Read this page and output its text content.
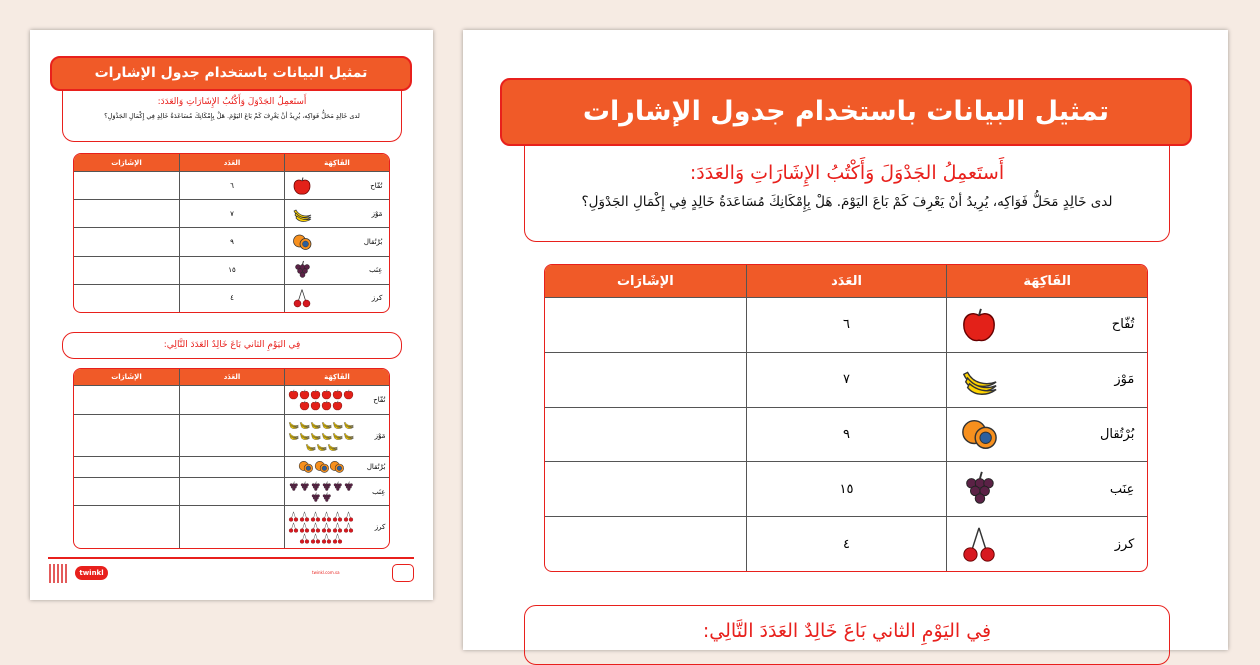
تمثيل البيانات باستخدام جدول الإشارات
أَستَعمِلُ الجَدْوَلَ وَأَكْتُبُ الإِشَارَاتِ وَالعَدَدَ:
لدى خَالِدٍ مَحَلُّ فَوَاكِه، يُرِيدُ أنْ يَعْرِفَ كَمْ بَاعَ اليَوْمَ. هَلْ بِإِمْكَانِكَ مُسَاعَدَةُ خَالِدٍ فِي إِكْمَالِ الجَدْوَلِ؟
الفَاكِهَة	العَدَد	الإشَارَات

تُفّاح	٦	

مَوْز	٧	

بُرْتُقال	٩	

عِنَب	١٥	

كرز	٤	
فِي اليَوْمِ الثاني بَاعَ خَالِدٌ العَدَدَ التَّالِي:
الفَاكِهَة	العَدَد	الإشَارَات

تُفّاح		

مَوْز		

بُرْتُقال		

عِنَب		

كرز		

twinkl	twinkl.com.sa
تمثيل البيانات باستخدام جدول الإشارات
أَستَعمِلُ الجَدْوَلَ وَأَكْتُبُ الإِشَارَاتِ وَالعَدَدَ:
لدى خَالِدٍ مَحَلُّ فَوَاكِه، يُرِيدُ أنْ يَعْرِفَ كَمْ بَاعَ اليَوْمَ. هَلْ بِإِمْكَانِكَ مُسَاعَدَةُ خَالِدٍ فِي إِكْمَالِ الجَدْوَلِ؟
الفَاكِهَة	العَدَد	الإشَارَات

تُفّاح	٦	

مَوْز	٧	

بُرْتُقال	٩	

عِنَب	١٥	

كرز	٤	
فِي اليَوْمِ الثاني بَاعَ خَالِدٌ العَدَدَ التَّالِي:
